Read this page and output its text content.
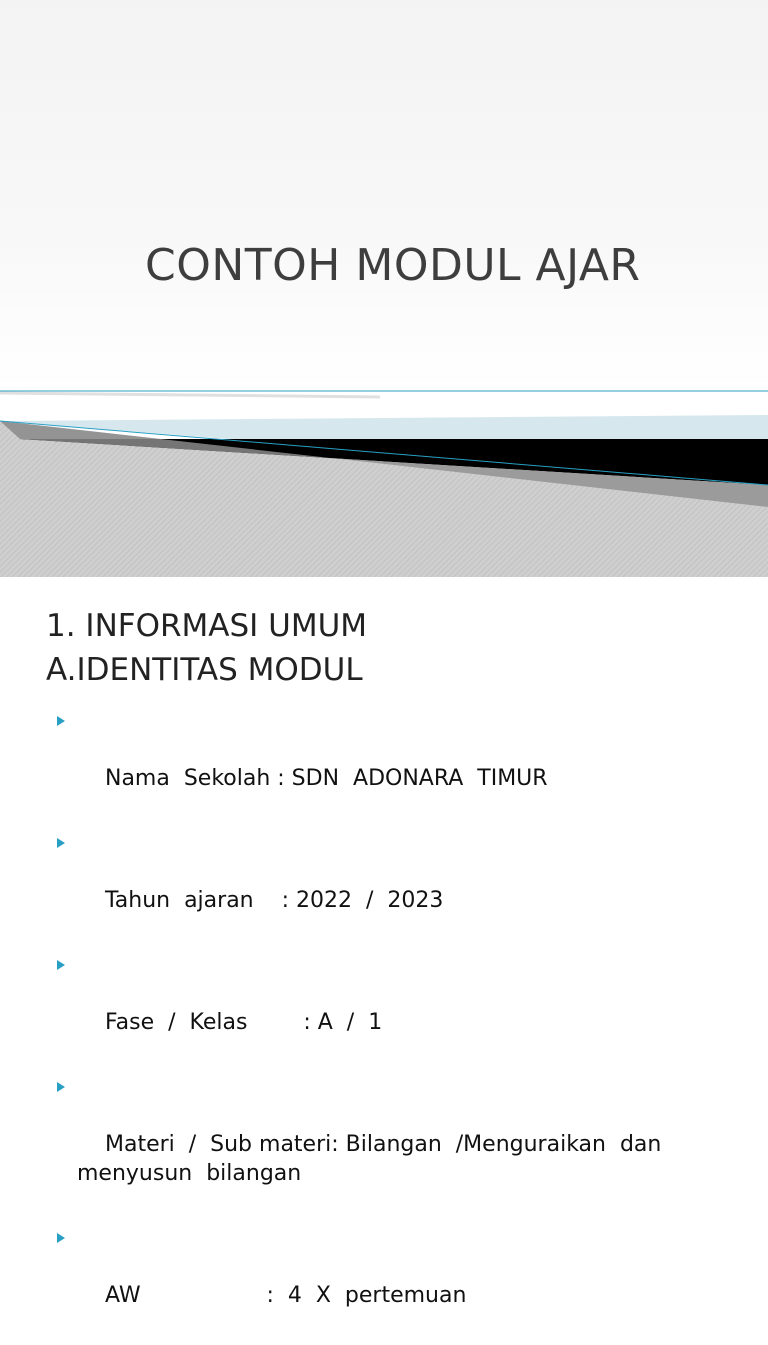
CONTOH MODUL AJAR
1. INFORMASI UMUM
A.IDENTITAS MODUL

Nama  Sekolah : SDN  ADONARA  TIMUR

Tahun  ajaran    : 2022  /  2023

Fase  /  Kelas        : A  /  1

Materi  /  Sub materi: Bilangan  /Menguraikan  dan
menyusun  bilangan

AW                  :  4  X  pertemuan
